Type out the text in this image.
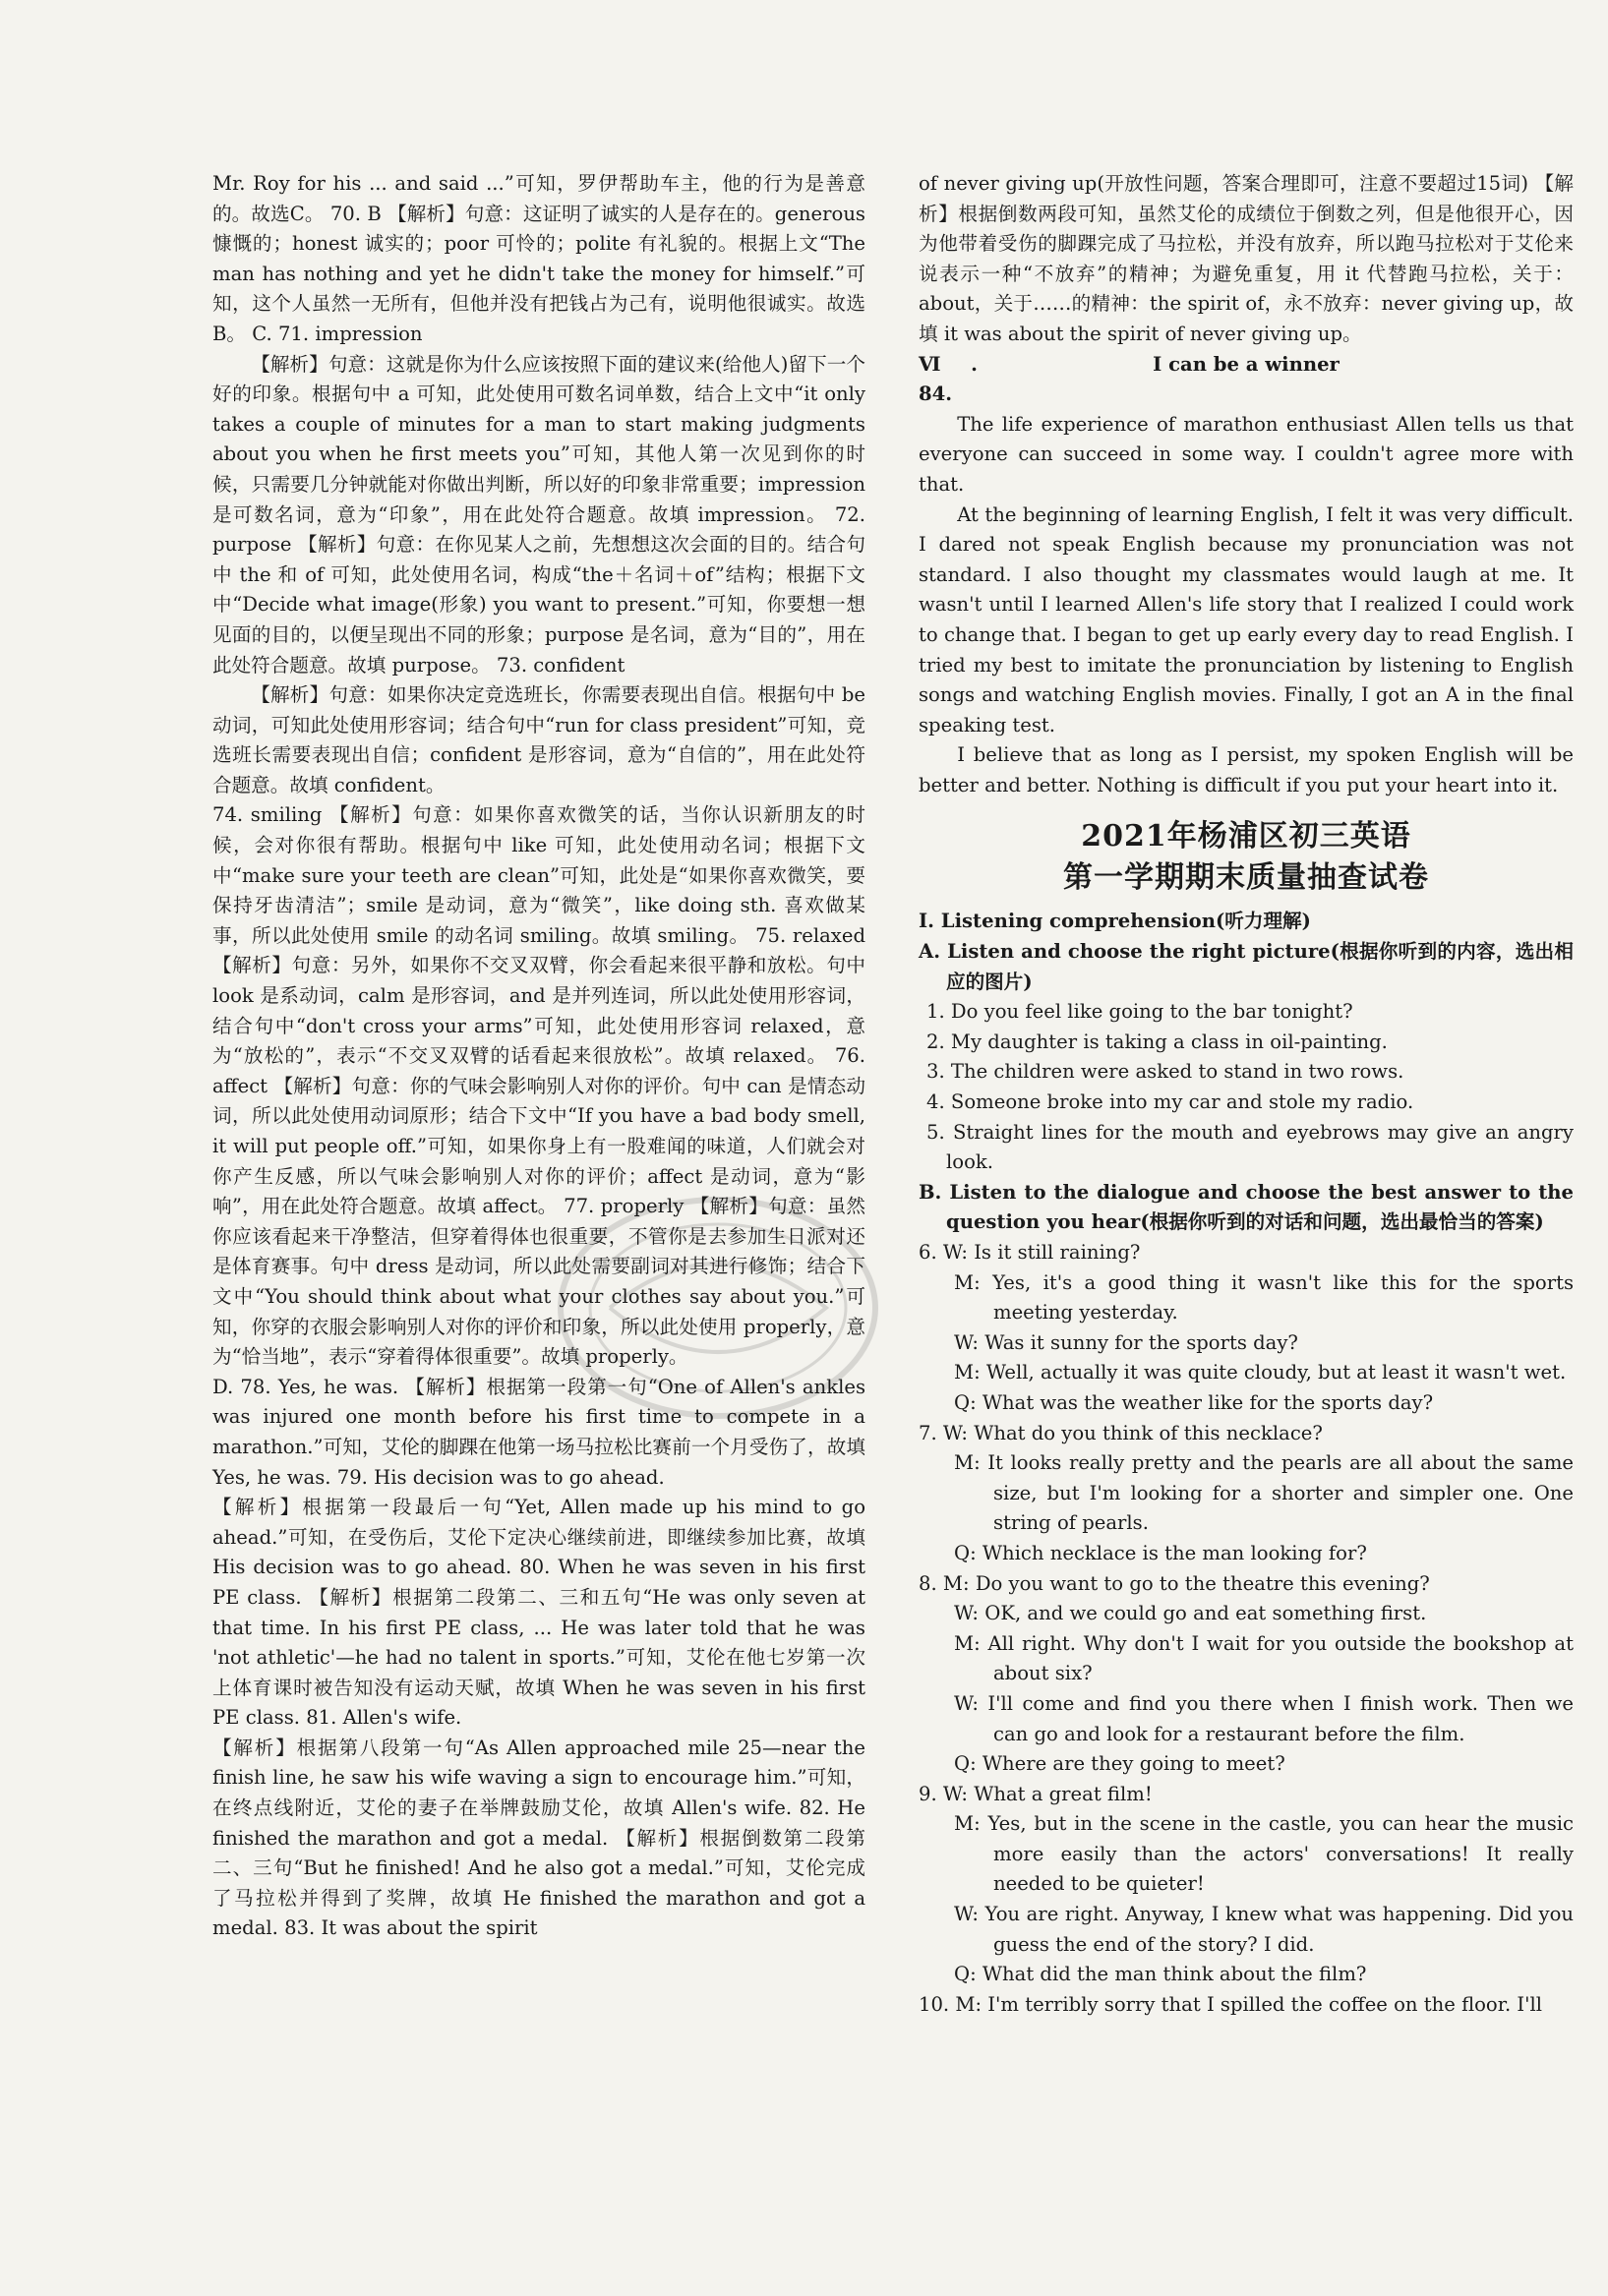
Mr. Roy for his ... and said ...”可知，罗伊帮助车主，他的行为是善意的。故选C。 70. B 【解析】句意：这证明了诚实的人是存在的。generous 慷慨的；honest 诚实的；poor 可怜的；polite 有礼貌的。根据上文“The man has nothing and yet he didn't take the money for himself.”可知，这个人虽然一无所有，但他并没有把钱占为己有，说明他很诚实。故选B。 C. 71. impression

【解析】句意：这就是你为什么应该按照下面的建议来(给他人)留下一个好的印象。根据句中 a 可知，此处使用可数名词单数，结合上文中“it only takes a couple of minutes for a man to start making judgments about you when he first meets you”可知，其他人第一次见到你的时候，只需要几分钟就能对你做出判断，所以好的印象非常重要；impression 是可数名词，意为“印象”，用在此处符合题意。故填 impression。 72. purpose 【解析】句意：在你见某人之前，先想想这次会面的目的。结合句中 the 和 of 可知，此处使用名词，构成“the＋名词＋of”结构；根据下文中“Decide what image(形象) you want to present.”可知，你要想一想见面的目的，以便呈现出不同的形象；purpose 是名词，意为“目的”，用在此处符合题意。故填 purpose。 73. confident

【解析】句意：如果你决定竞选班长，你需要表现出自信。根据句中 be 动词，可知此处使用形容词；结合句中“run for class president”可知，竞选班长需要表现出自信；confident 是形容词，意为“自信的”，用在此处符合题意。故填 confident。

74. smiling 【解析】句意：如果你喜欢微笑的话，当你认识新朋友的时候，会对你很有帮助。根据句中 like 可知，此处使用动名词；根据下文中“make sure your teeth are clean”可知，此处是“如果你喜欢微笑，要保持牙齿清洁”；smile 是动词，意为“微笑”，like doing sth. 喜欢做某事，所以此处使用 smile 的动名词 smiling。故填 smiling。 75. relaxed 【解析】句意：另外，如果你不交叉双臂，你会看起来很平静和放松。句中 look 是系动词，calm 是形容词，and 是并列连词，所以此处使用形容词，结合句中“don't cross your arms”可知，此处使用形容词 relaxed，意为“放松的”，表示“不交叉双臂的话看起来很放松”。故填 relaxed。 76. affect 【解析】句意：你的气味会影响别人对你的评价。句中 can 是情态动词，所以此处使用动词原形；结合下文中“If you have a bad body smell, it will put people off.”可知，如果你身上有一股难闻的味道，人们就会对你产生反感，所以气味会影响别人对你的评价；affect 是动词，意为“影响”，用在此处符合题意。故填 affect。 77. properly 【解析】句意：虽然你应该看起来干净整洁，但穿着得体也很重要，不管你是去参加生日派对还是体育赛事。句中 dress 是动词，所以此处需要副词对其进行修饰；结合下文中“You should think about what your clothes say about you.”可知，你穿的衣服会影响别人对你的评价和印象，所以此处使用 properly，意为“恰当地”，表示“穿着得体很重要”。故填 properly。

D. 78. Yes, he was. 【解析】根据第一段第一句“One of Allen's ankles was injured one month before his first time to compete in a marathon.”可知，艾伦的脚踝在他第一场马拉松比赛前一个月受伤了，故填 Yes, he was. 79. His decision was to go ahead.

【解析】根据第一段最后一句“Yet, Allen made up his mind to go ahead.”可知，在受伤后，艾伦下定决心继续前进，即继续参加比赛，故填 His decision was to go ahead. 80. When he was seven in his first PE class. 【解析】根据第二段第二、三和五句“He was only seven at that time. In his first PE class, ... He was later told that he was 'not athletic'—he had no talent in sports.”可知，艾伦在他七岁第一次上体育课时被告知没有运动天赋，故填 When he was seven in his first PE class. 81. Allen's wife.

【解析】根据第八段第一句“As Allen approached mile 25—near the finish line, he saw his wife waving a sign to encourage him.”可知，在终点线附近，艾伦的妻子在举牌鼓励艾伦，故填 Allen's wife. 82. He finished the marathon and got a medal. 【解析】根据倒数第二段第二、三句“But he finished! And he also got a medal.”可知，艾伦完成了马拉松并得到了奖牌，故填 He finished the marathon and got a medal. 83. It was about the spirit

of never giving up(开放性问题，答案合理即可，注意不要超过15词) 【解析】根据倒数两段可知，虽然艾伦的成绩位于倒数之列，但是他很开心，因为他带着受伤的脚踝完成了马拉松，并没有放弃，所以跑马拉松对于艾伦来说表示一种“不放弃”的精神；为避免重复，用 it 代替跑马拉松，关于：about，关于……的精神：the spirit of，永不放弃：never giving up，故填 it was about the spirit of never giving up。

Ⅵ. 84.
I can be a winner

The life experience of marathon enthusiast Allen tells us that everyone can succeed in some way. I couldn't agree more with that.

At the beginning of learning English, I felt it was very difficult. I dared not speak English because my pronunciation was not standard. I also thought my classmates would laugh at me. It wasn't until I learned Allen's life story that I realized I could work to change that. I began to get up early every day to read English. I tried my best to imitate the pronunciation by listening to English songs and watching English movies. Finally, I got an A in the final speaking test.

I believe that as long as I persist, my spoken English will be better and better. Nothing is difficult if you put your heart into it.

2021年杨浦区初三英语
第一学期期末质量抽查试卷

Ⅰ. Listening comprehension(听力理解)

A. Listen and choose the right picture(根据你听到的内容，选出相应的图片)

1. Do you feel like going to the bar tonight?

2. My daughter is taking a class in oil-painting.

3. The children were asked to stand in two rows.

4. Someone broke into my car and stole my radio.

5. Straight lines for the mouth and eyebrows may give an angry look.

B. Listen to the dialogue and choose the best answer to the question you hear(根据你听到的对话和问题，选出最恰当的答案)

6. W: Is it still raining?

M: Yes, it's a good thing it wasn't like this for the sports meeting yesterday.

W: Was it sunny for the sports day?

M: Well, actually it was quite cloudy, but at least it wasn't wet.

Q: What was the weather like for the sports day?

7. W: What do you think of this necklace?

M: It looks really pretty and the pearls are all about the same size, but I'm looking for a shorter and simpler one. One string of pearls.

Q: Which necklace is the man looking for?

8. M: Do you want to go to the theatre this evening?

W: OK, and we could go and eat something first.

M: All right. Why don't I wait for you outside the bookshop at about six?

W: I'll come and find you there when I finish work. Then we can go and look for a restaurant before the film.

Q: Where are they going to meet?

9. W: What a great film!

M: Yes, but in the scene in the castle, you can hear the music more easily than the actors' conversations! It really needed to be quieter!

W: You are right. Anyway, I knew what was happening. Did you guess the end of the story? I did.

Q: What did the man think about the film?

10. M: I'm terribly sorry that I spilled the coffee on the floor. I'll
